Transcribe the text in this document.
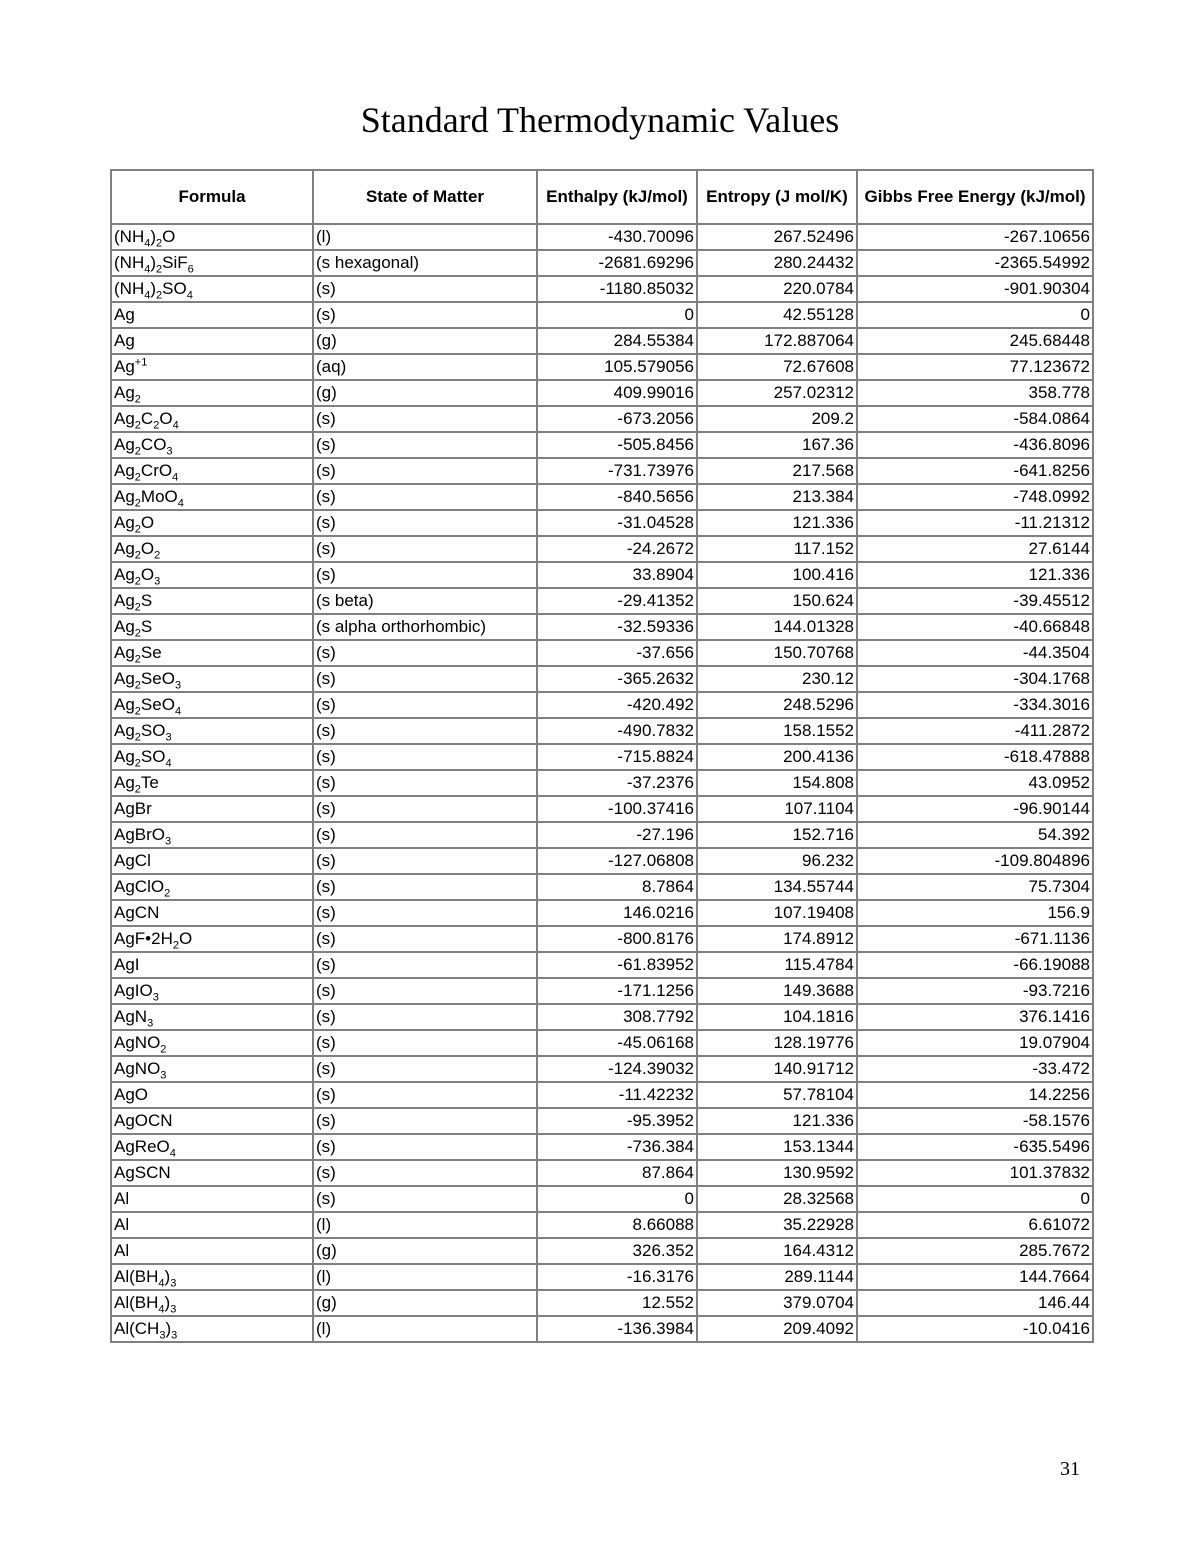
Standard Thermodynamic Values
Formula	State of Matter	Enthalpy (kJ/mol)	Entropy (J mol/K)	Gibbs Free Energy (kJ/mol)
$(NH_4)_2O$	(l)	-430.70096	267.52496	-267.10656
$(NH_4)_2SiF_6$	(s hexagonal)	-2681.69296	280.24432	-2365.54992
$(NH_4)_2SO_4$	(s)	-1180.85032	220.0784	-901.90304
Ag	(s)	0	42.55128	0
Ag	(g)	284.55384	172.887064	245.68448
$Ag^{+1}$	(aq)	105.579056	72.67608	77.123672
$Ag_2$	(g)	409.99016	257.02312	358.778
$Ag_2C_2O_4$	(s)	-673.2056	209.2	-584.0864
$Ag_2CO_3$	(s)	-505.8456	167.36	-436.8096
$Ag_2CrO_4$	(s)	-731.73976	217.568	-641.8256
$Ag_2MoO_4$	(s)	-840.5656	213.384	-748.0992
$Ag_2O$	(s)	-31.04528	121.336	-11.21312
$Ag_2O_2$	(s)	-24.2672	117.152	27.6144
$Ag_2O_3$	(s)	33.8904	100.416	121.336
$Ag_2S$	(s beta)	-29.41352	150.624	-39.45512
$Ag_2S$	(s alpha orthorhombic)	-32.59336	144.01328	-40.66848
$Ag_2Se$	(s)	-37.656	150.70768	-44.3504
$Ag_2SeO_3$	(s)	-365.2632	230.12	-304.1768
$Ag_2SeO_4$	(s)	-420.492	248.5296	-334.3016
$Ag_2SO_3$	(s)	-490.7832	158.1552	-411.2872
$Ag_2SO_4$	(s)	-715.8824	200.4136	-618.47888
$Ag_2Te$	(s)	-37.2376	154.808	43.0952
AgBr	(s)	-100.37416	107.1104	-96.90144
AgBrO$_3$	(s)	-27.196	152.716	54.392
AgCl	(s)	-127.06808	96.232	-109.804896
AgClO$_2$	(s)	8.7864	134.55744	75.7304
AgCN	(s)	146.0216	107.19408	156.9
$AgF•2H_2O$	(s)	-800.8176	174.8912	-671.1136
AgI	(s)	-61.83952	115.4784	-66.19088
AgIO$_3$	(s)	-171.1256	149.3688	-93.7216
AgN$_3$	(s)	308.7792	104.1816	376.1416
AgNO$_2$	(s)	-45.06168	128.19776	19.07904
AgNO$_3$	(s)	-124.39032	140.91712	-33.472
AgO	(s)	-11.42232	57.78104	14.2256
AgOCN	(s)	-95.3952	121.336	-58.1576
AgReO$_4$	(s)	-736.384	153.1344	-635.5496
AgSCN	(s)	87.864	130.9592	101.37832
Al	(s)	0	28.32568	0
Al	(l)	8.66088	35.22928	6.61072
Al	(g)	326.352	164.4312	285.7672
$Al(BH_4)_3$	(l)	-16.3176	289.1144	144.7664
$Al(BH_4)_3$	(g)	12.552	379.0704	146.44
$Al(CH_3)_3$	(l)	-136.3984	209.4092	-10.0416
31
